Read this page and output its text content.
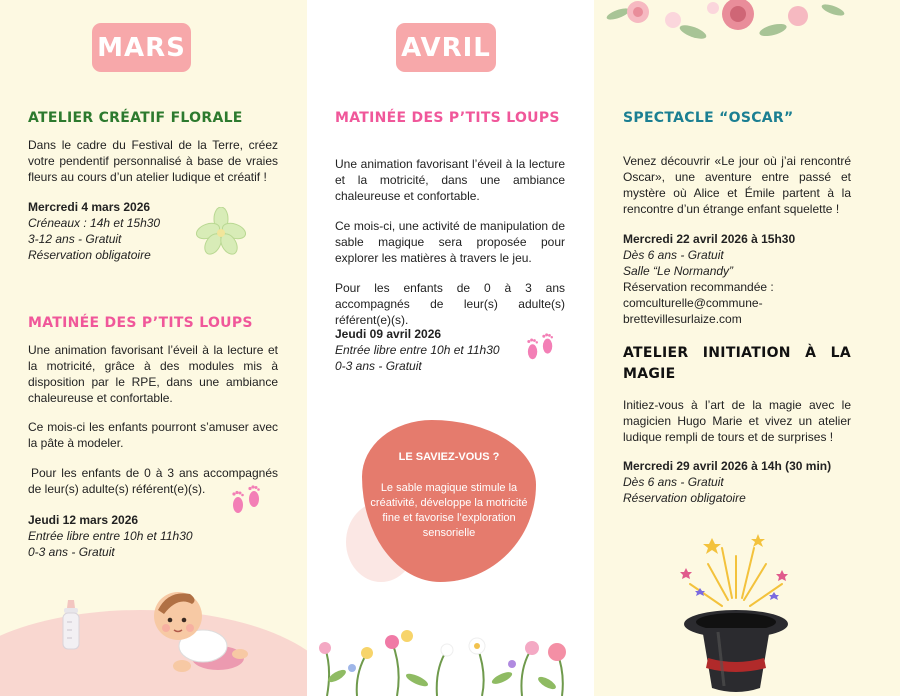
MARS
ATELIER CRÉATIF FLORALE
Dans le cadre du Festival de la Terre, créez votre pendentif personnalisé à base de vraies fleurs au cours d’un atelier ludique et créatif !
Mercredi 4 mars 2026
Créneaux : 14h et 15h30
3-12 ans - Gratuit
Réservation obligatoire
MATINÉE DES P’TITS LOUPS
Une animation favorisant l’éveil à la lecture et la motricité, grâce à des modules mis à disposition par le RPE, dans une ambiance chaleureuse et confortable.
Ce mois-ci les enfants pourront s’amuser avec la pâte à modeler.
Pour les enfants de 0 à 3 ans accompagnés de leur(s) adulte(s) référent(e)(s).
Jeudi 12 mars 2026
Entrée libre entre 10h et 11h30
0-3 ans - Gratuit
AVRIL
MATINÉE DES P’TITS LOUPS
Une animation favorisant l’éveil à la lecture et la motricité, dans une ambiance chaleureuse et confortable.
Ce mois-ci, une activité de manipulation de sable magique sera proposée pour explorer les matières à travers le jeu.
Pour les enfants de 0 à 3 ans accompagnés de leur(s) adulte(s) référent(e)(s).
Jeudi 09 avril 2026
Entrée libre entre 10h et 11h30
0-3 ans - Gratuit
LE SAVIEZ-VOUS ?
Le sable magique stimule la créativité, développe la motricité fine et favorise l’exploration sensorielle
SPECTACLE “OSCAR”
Venez découvrir «Le jour où j’ai rencontré Oscar», une aventure entre passé et mystère où Alice et Émile partent à la rencontre d’un étrange enfant squelette !
Mercredi 22 avril 2026 à 15h30
Dès 6 ans - Gratuit
Salle “Le Normandy”
Réservation recommandée :
comculturelle@commune-
brettevillesurlaize.com
ATELIER INITIATION À LA
MAGIE
Initiez-vous à l’art de la magie avec le magicien Hugo Marie et vivez un atelier ludique rempli de tours et de surprises !
Mercredi 29 avril 2026 à 14h (30 min)
Dès 6 ans - Gratuit
Réservation obligatoire
